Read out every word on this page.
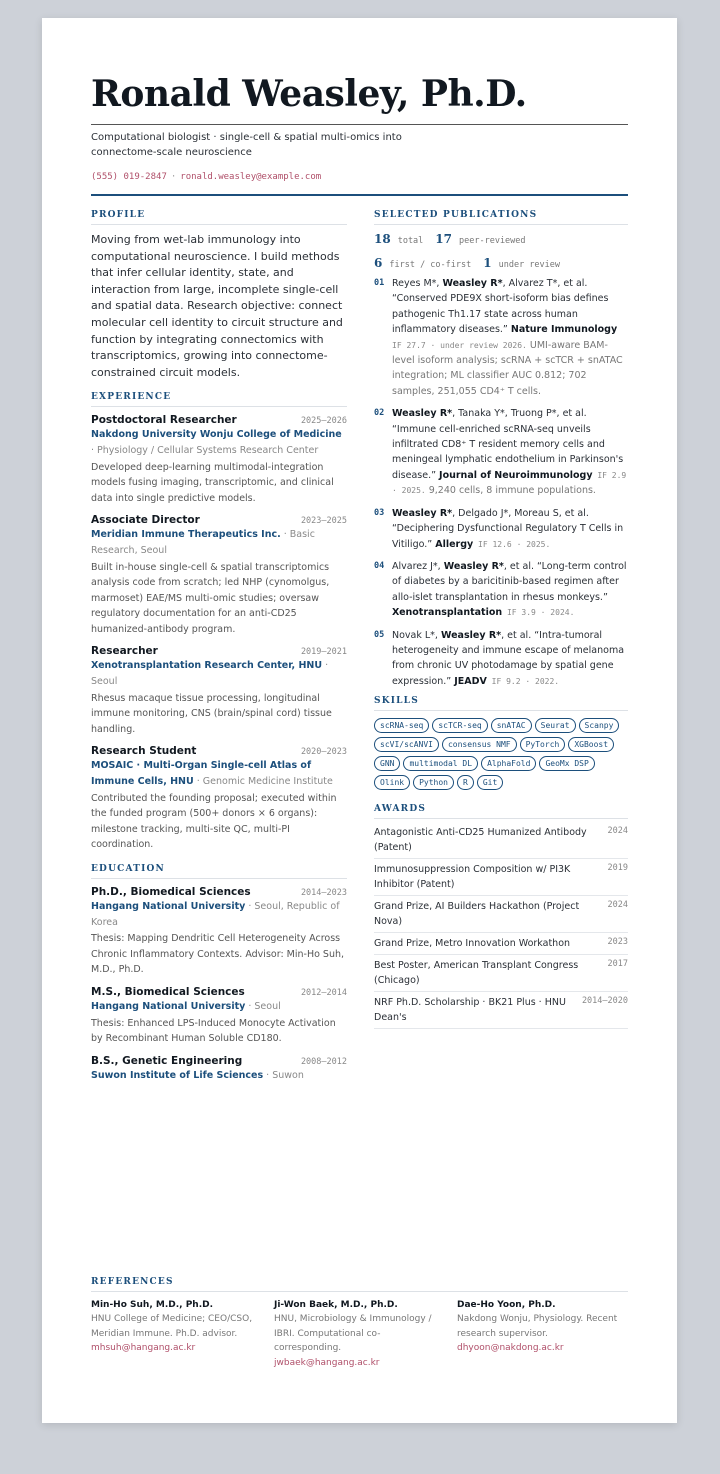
Ronald Weasley, Ph.D.
Computational biologist · single-cell & spatial multi-omics into connectome-scale neuroscience
(555) 019-2847 · ronald.weasley@example.com
PROFILE
Moving from wet-lab immunology into computational neuroscience. I build methods that infer cellular identity, state, and interaction from large, incomplete single-cell and spatial data. Research objective: connect molecular cell identity to circuit structure and function by integrating connectomics with transcriptomics, growing into connectome-constrained circuit models.
EXPERIENCE
Postdoctoral Researcher	2025–2026
Nakdong University Wonju College of Medicine · Physiology / Cellular Systems Research Center
Developed deep-learning multimodal-integration models fusing imaging, transcriptomic, and clinical data into single predictive models.
Associate Director	2023–2025
Meridian Immune Therapeutics Inc. · Basic Research, Seoul
Built in-house single-cell & spatial transcriptomics analysis code from scratch; led NHP (cynomolgus, marmoset) EAE/MS multi-omic studies; oversaw regulatory documentation for an anti-CD25 humanized-antibody program.
Researcher	2019–2021
Xenotransplantation Research Center, HNU · Seoul
Rhesus macaque tissue processing, longitudinal immune monitoring, CNS (brain/spinal cord) tissue handling.
Research Student	2020–2023
MOSAIC · Multi-Organ Single-cell Atlas of Immune Cells, HNU · Genomic Medicine Institute
Contributed the founding proposal; executed within the funded program (500+ donors × 6 organs): milestone tracking, multi-site QC, multi-PI coordination.
EDUCATION
Ph.D., Biomedical Sciences	2014–2023
Hangang National University · Seoul, Republic of Korea
Thesis: Mapping Dendritic Cell Heterogeneity Across Chronic Inflammatory Contexts. Advisor: Min-Ho Suh, M.D., Ph.D.
M.S., Biomedical Sciences	2012–2014
Hangang National University · Seoul
Thesis: Enhanced LPS-Induced Monocyte Activation by Recombinant Human Soluble CD180.
B.S., Genetic Engineering	2008–2012
Suwon Institute of Life Sciences · Suwon
SELECTED PUBLICATIONS
18 total 17 peer-reviewed
6 first / co-first 1 under review
01 Reyes M*, Weasley R*, Alvarez T*, et al. “Conserved PDE9X short-isoform bias defines pathogenic Th1.17 state across human inflammatory diseases.” Nature Immunology IF 27.7 · under review 2026. UMI-aware BAM-level isoform analysis; scRNA + scTCR + snATAC integration; ML classifier AUC 0.812; 702 samples, 251,055 CD4⁺ T cells.
02 Weasley R*, Tanaka Y*, Truong P*, et al. “Immune cell-enriched scRNA-seq unveils infiltrated CD8⁺ T resident memory cells and meningeal lymphatic endothelium in Parkinson's disease.” Journal of Neuroimmunology IF 2.9 · 2025. 9,240 cells, 8 immune populations.
03 Weasley R*, Delgado J*, Moreau S, et al. “Deciphering Dysfunctional Regulatory T Cells in Vitiligo.” Allergy IF 12.6 · 2025.
04 Alvarez J*, Weasley R*, et al. “Long-term control of diabetes by a baricitinib-based regimen after allo-islet transplantation in rhesus monkeys.” Xenotransplantation IF 3.9 · 2024.
05 Novak L*, Weasley R*, et al. “Intra-tumoral heterogeneity and immune escape of melanoma from chronic UV photodamage by spatial gene expression.” JEADV IF 9.2 · 2022.
SKILLS
scRNA-seq	scTCR-seq	snATAC	Seurat	Scanpy
scVI/scANVI	consensus NMF	PyTorch	XGBoost
GNN	multimodal DL	AlphaFold	GeoMx DSP
Olink	Python	R	Git
AWARDS
Antagonistic Anti-CD25 Humanized Antibody (Patent)
2024
Immunosuppression Composition w/ PI3K Inhibitor (Patent)
2019
Grand Prize, AI Builders Hackathon (Project Nova)
2024
Grand Prize, Metro Innovation Workathon	2023
Best Poster, American Transplant Congress (Chicago)
2017
NRF Ph.D. Scholarship · BK21 Plus · HNU Dean's
2014–2020
REFERENCES
Min-Ho Suh, M.D., Ph.D.
HNU College of Medicine; CEO/CSO, Meridian Immune. Ph.D. advisor.
mhsuh@hangang.ac.kr
Ji-Won Baek, M.D., Ph.D.
HNU, Microbiology & Immunology / IBRI. Computational co-corresponding.
jwbaek@hangang.ac.kr
Dae-Ho Yoon, Ph.D.
Nakdong Wonju, Physiology. Recent research supervisor.
dhyoon@nakdong.ac.kr
